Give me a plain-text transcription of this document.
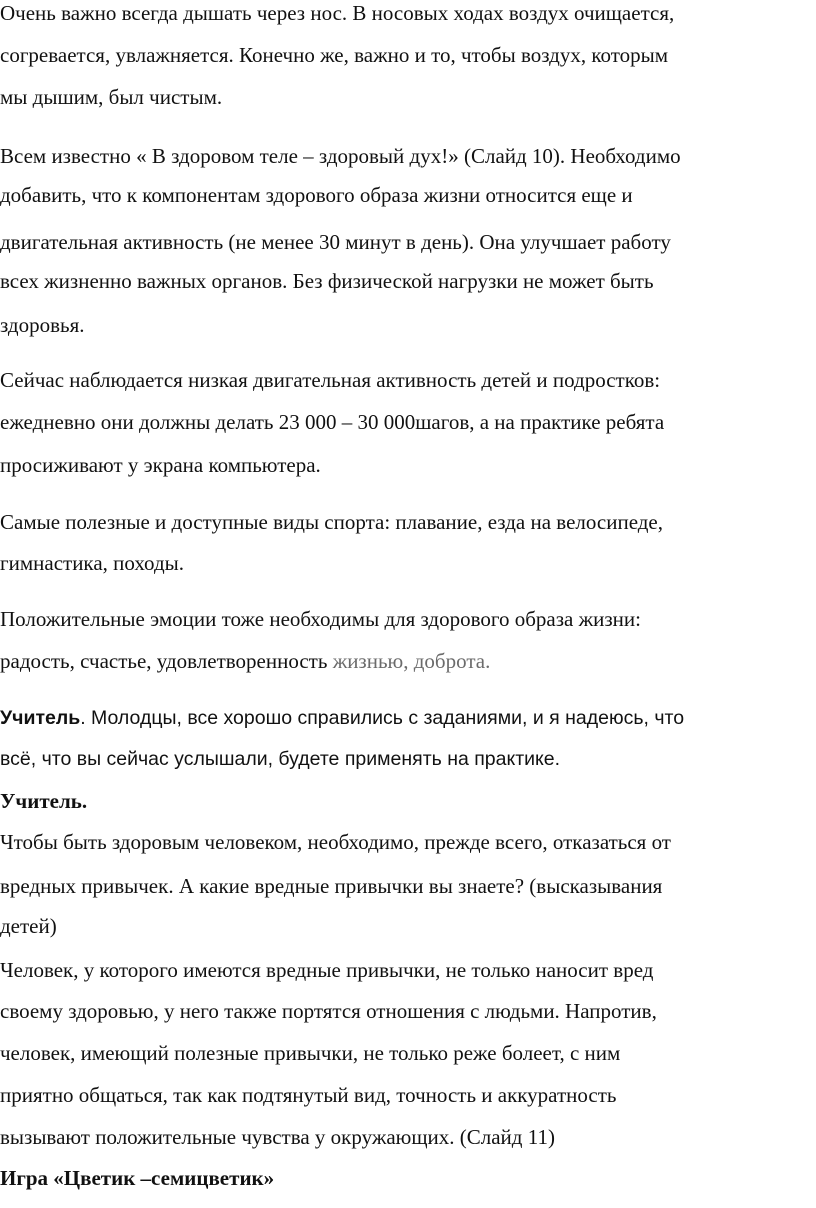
Очень важно всегда дышать через нос. В носовых ходах воздух очищается,
согревается, увлажняется. Конечно же, важно и то, чтобы воздух, которым
мы дышим, был чистым.
Всем известно « В здоровом теле – здоровый дух!» (Слайд 10). Необходимо
добавить, что к компонентам здорового образа жизни относится еще и
двигательная активность (не менее 30 минут в день). Она улучшает работу
всех жизненно важных органов. Без физической нагрузки не может быть
здоровья.
Сейчас наблюдается низкая двигательная активность детей и подростков:
ежедневно они должны делать 23 000 – 30 000шагов, а на практике ребята
просиживают у экрана компьютера.
Самые полезные и доступные виды спорта: плавание, езда на велосипеде,
гимнастика, походы.
Положительные эмоции тоже необходимы для здорового образа жизни:
радость, счастье, удовлетворенность жизнью, доброта.
Учитель. Молодцы, все хорошо справились с заданиями, и я надеюсь, что
всё, что вы сейчас услышали, будете применять на практике.
Учитель.
Чтобы быть здоровым человеком, необходимо, прежде всего, отказаться от
вредных привычек. А какие вредные привычки вы знаете? (высказывания
детей)
Человек, у которого имеются вредные привычки, не только наносит вред
своему здоровью, у него также портятся отношения с людьми. Напротив,
человек, имеющий полезные привычки, не только реже болеет, с ним
приятно общаться, так как подтянутый вид, точность и аккуратность
вызывают положительные чувства у окружающих. (Слайд 11)
Игра «Цветик –семицветик»
